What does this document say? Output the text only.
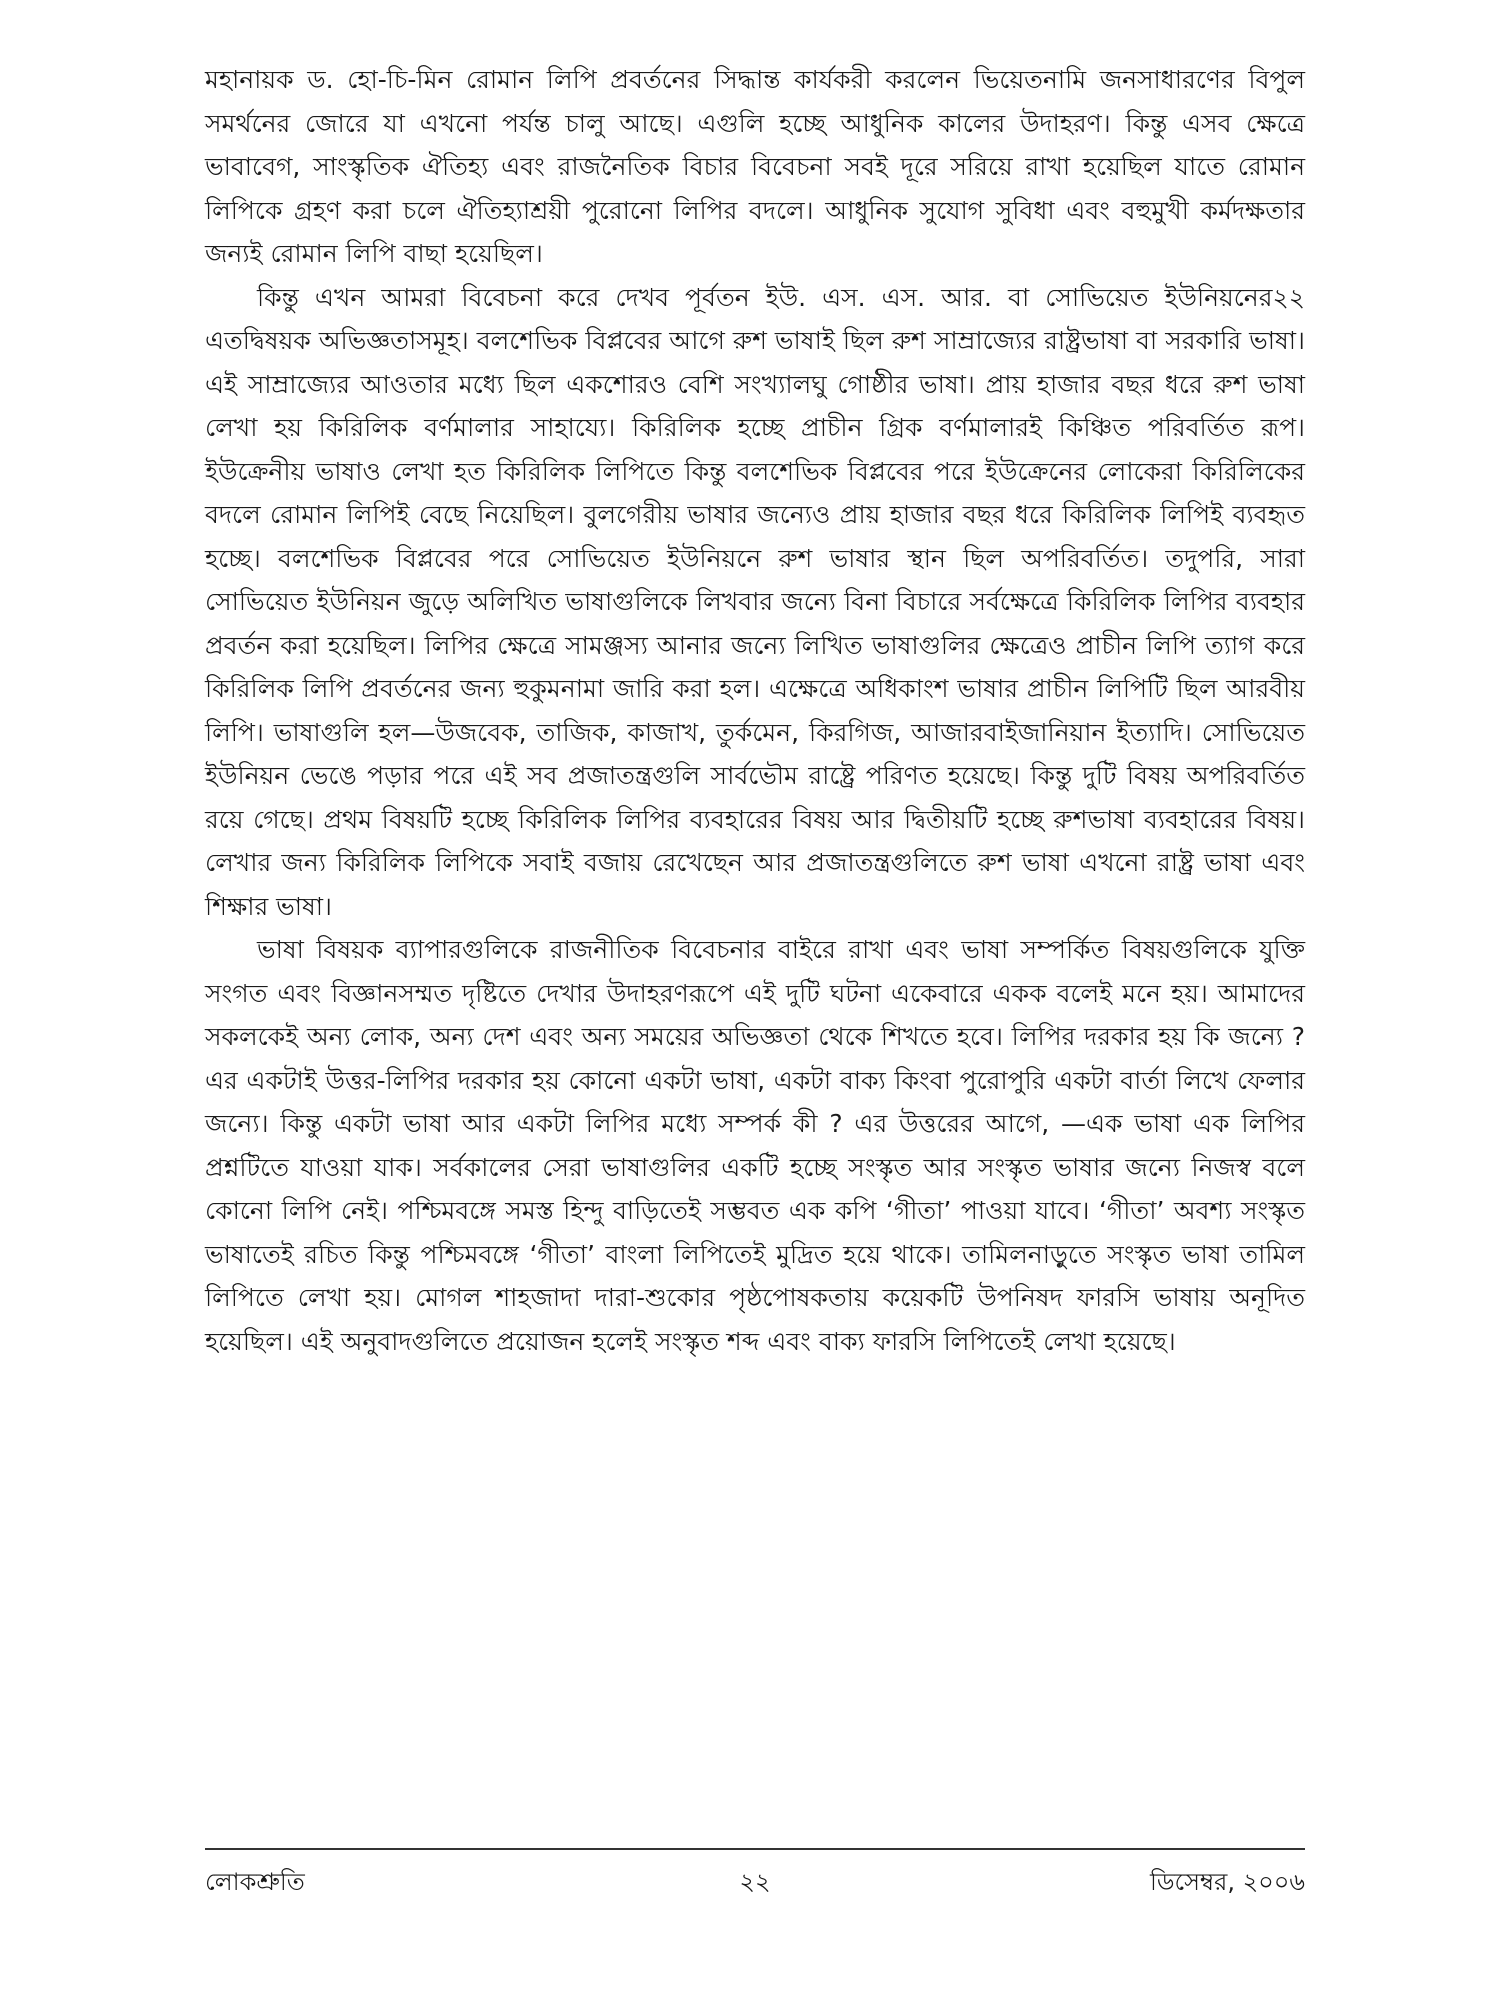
মহানায়ক ড. হো-চি-মিন রোমান লিপি প্রবর্তনের সিদ্ধান্ত কার্যকরী করলেন ভিয়েতনামি জনসাধারণের বিপুল সমর্থনের জোরে যা এখনো পর্যন্ত চালু আছে। এগুলি হচ্ছে আধুনিক কালের উদাহরণ। কিন্তু এসব ক্ষেত্রে ভাবাবেগ, সাংস্কৃতিক ঐতিহ্য এবং রাজনৈতিক বিচার বিবেচনা সবই দূরে সরিয়ে রাখা হয়েছিল যাতে রোমান লিপিকে গ্রহণ করা চলে ঐতিহ্যাশ্রয়ী পুরোনো লিপির বদলে। আধুনিক সুযোগ সুবিধা এবং বহুমুখী কর্মদক্ষতার জন্যই রোমান লিপি বাছা হয়েছিল।

কিন্তু এখন আমরা বিবেচনা করে দেখব পূর্বতন ইউ. এস. এস. আর. বা সোভিয়েত ইউনিয়নের২২ এতদ্বিষয়ক অভিজ্ঞতাসমূহ। বলশেভিক বিপ্লবের আগে রুশ ভাষাই ছিল রুশ সাম্রাজ্যের রাষ্ট্রভাষা বা সরকারি ভাষা। এই সাম্রাজ্যের আওতার মধ্যে ছিল একশোরও বেশি সংখ্যালঘু গোষ্ঠীর ভাষা। প্রায় হাজার বছর ধরে রুশ ভাষা লেখা হয় কিরিলিক বর্ণমালার সাহায্যে। কিরিলিক হচ্ছে প্রাচীন গ্রিক বর্ণমালারই কিঞ্চিত পরিবর্তিত রূপ। ইউক্রেনীয় ভাষাও লেখা হত কিরিলিক লিপিতে কিন্তু বলশেভিক বিপ্লবের পরে ইউক্রেনের লোকেরা কিরিলিকের বদলে রোমান লিপিই বেছে নিয়েছিল। বুলগেরীয় ভাষার জন্যেও প্রায় হাজার বছর ধরে কিরিলিক লিপিই ব্যবহৃত হচ্ছে। বলশেভিক বিপ্লবের পরে সোভিয়েত ইউনিয়নে রুশ ভাষার স্থান ছিল অপরিবর্তিত। তদুপরি, সারা সোভিয়েত ইউনিয়ন জুড়ে অলিখিত ভাষাগুলিকে লিখবার জন্যে বিনা বিচারে সর্বক্ষেত্রে কিরিলিক লিপির ব্যবহার প্রবর্তন করা হয়েছিল। লিপির ক্ষেত্রে সামঞ্জস্য আনার জন্যে লিখিত ভাষাগুলির ক্ষেত্রেও প্রাচীন লিপি ত্যাগ করে কিরিলিক লিপি প্রবর্তনের জন্য হুকুমনামা জারি করা হল। এক্ষেত্রে অধিকাংশ ভাষার প্রাচীন লিপিটি ছিল আরবীয় লিপি। ভাষাগুলি হল—উজবেক, তাজিক, কাজাখ, তুর্কমেন, কিরগিজ, আজারবাইজানিয়ান ইত্যাদি। সোভিয়েত ইউনিয়ন ভেঙে পড়ার পরে এই সব প্রজাতন্ত্রগুলি সার্বভৌম রাষ্ট্রে পরিণত হয়েছে। কিন্তু দুটি বিষয় অপরিবর্তিত রয়ে গেছে। প্রথম বিষয়টি হচ্ছে কিরিলিক লিপির ব্যবহারের বিষয় আর দ্বিতীয়টি হচ্ছে রুশভাষা ব্যবহারের বিষয়। লেখার জন্য কিরিলিক লিপিকে সবাই বজায় রেখেছেন আর প্রজাতন্ত্রগুলিতে রুশ ভাষা এখনো রাষ্ট্র ভাষা এবং শিক্ষার ভাষা।

ভাষা বিষয়ক ব্যাপারগুলিকে রাজনীতিক বিবেচনার বাইরে রাখা এবং ভাষা সম্পর্কিত বিষয়গুলিকে যুক্তি সংগত এবং বিজ্ঞানসম্মত দৃষ্টিতে দেখার উদাহরণরূপে এই দুটি ঘটনা একেবারে একক বলেই মনে হয়। আমাদের সকলকেই অন্য লোক, অন্য দেশ এবং অন্য সময়ের অভিজ্ঞতা থেকে শিখতে হবে। লিপির দরকার হয় কি জন্যে ? এর একটাই উত্তর-লিপির দরকার হয় কোনো একটা ভাষা, একটা বাক্য কিংবা পুরোপুরি একটা বার্তা লিখে ফেলার জন্যে। কিন্তু একটা ভাষা আর একটা লিপির মধ্যে সম্পর্ক কী ? এর উত্তরের আগে, —এক ভাষা এক লিপির প্রশ্নটিতে যাওয়া যাক। সর্বকালের সেরা ভাষাগুলির একটি হচ্ছে সংস্কৃত আর সংস্কৃত ভাষার জন্যে নিজস্ব বলে কোনো লিপি নেই। পশ্চিমবঙ্গে সমস্ত হিন্দু বাড়িতেই সম্ভবত এক কপি ‘গীতা’ পাওয়া যাবে। ‘গীতা’ অবশ্য সংস্কৃত ভাষাতেই রচিত কিন্তু পশ্চিমবঙ্গে ‘গীতা’ বাংলা লিপিতেই মুদ্রিত হয়ে থাকে। তামিলনাড়ুতে সংস্কৃত ভাষা তামিল লিপিতে লেখা হয়। মোগল শাহজাদা দারা-শুকোর পৃষ্ঠপোষকতায় কয়েকটি উপনিষদ ফারসি ভাষায় অনূদিত হয়েছিল। এই অনুবাদগুলিতে প্রয়োজন হলেই সংস্কৃত শব্দ এবং বাক্য ফারসি লিপিতেই লেখা হয়েছে।

লোকশ্রুতি	২২	ডিসেম্বর, ২০০৬
